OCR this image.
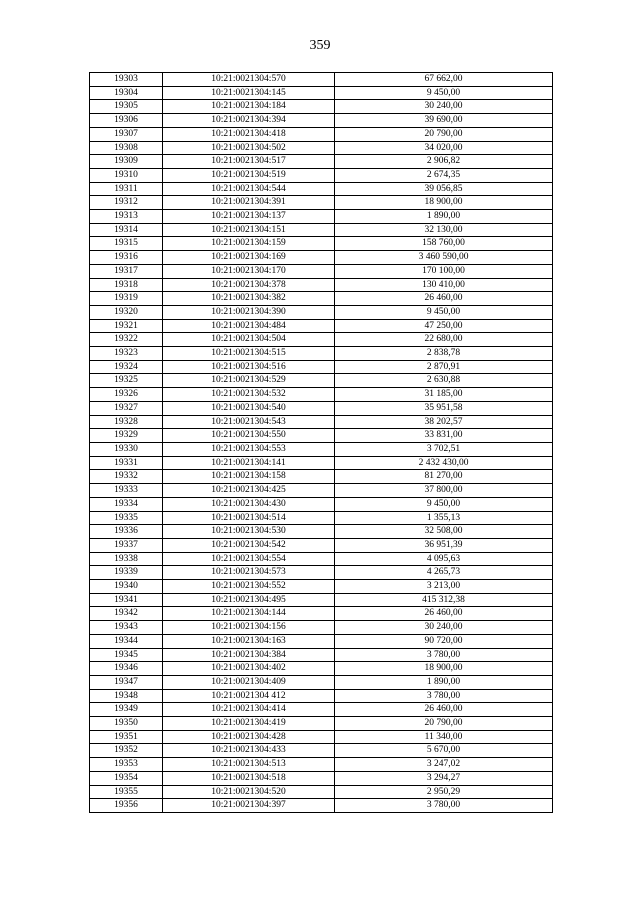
359
19303	10:21:0021304:570	67 662,00
19304	10:21:0021304:145	9 450,00
19305	10:21:0021304:184	30 240,00
19306	10:21:0021304:394	39 690,00
19307	10:21:0021304:418	20 790,00
19308	10:21:0021304:502	34 020,00
19309	10:21:0021304:517	2 906,82
19310	10:21:0021304:519	2 674,35
19311	10:21:0021304:544	39 056,85
19312	10:21:0021304:391	18 900,00
19313	10:21:0021304:137	1 890,00
19314	10:21:0021304:151	32 130,00
19315	10:21:0021304:159	158 760,00
19316	10:21:0021304:169	3 460 590,00
19317	10:21:0021304:170	170 100,00
19318	10:21:0021304:378	130 410,00
19319	10:21:0021304:382	26 460,00
19320	10:21:0021304:390	9 450,00
19321	10:21:0021304:484	47 250,00
19322	10:21:0021304:504	22 680,00
19323	10:21:0021304:515	2 838,78
19324	10:21:0021304:516	2 870,91
19325	10:21:0021304:529	2 630,88
19326	10:21:0021304:532	31 185,00
19327	10:21:0021304:540	35 951,58
19328	10:21:0021304:543	38 202,57
19329	10:21:0021304:550	33 831,00
19330	10:21:0021304:553	3 702,51
19331	10:21:0021304:141	2 432 430,00
19332	10:21:0021304:158	81 270,00
19333	10:21:0021304:425	37 800,00
19334	10:21:0021304:430	9 450,00
19335	10:21:0021304:514	1 355,13
19336	10:21:0021304:530	32 508,00
19337	10:21:0021304:542	36 951,39
19338	10:21:0021304:554	4 095,63
19339	10:21:0021304:573	4 265,73
19340	10:21:0021304:552	3 213,00
19341	10:21:0021304:495	415 312,38
19342	10:21:0021304:144	26 460,00
19343	10:21:0021304:156	30 240,00
19344	10:21:0021304:163	90 720,00
19345	10:21:0021304:384	3 780,00
19346	10:21:0021304:402	18 900,00
19347	10:21:0021304:409	1 890,00
19348	10:21:0021304 412	3 780,00
19349	10:21:0021304:414	26 460,00
19350	10:21:0021304:419	20 790,00
19351	10:21:0021304:428	11 340,00
19352	10:21:0021304:433	5 670,00
19353	10:21:0021304:513	3 247,02
19354	10:21:0021304:518	3 294,27
19355	10:21:0021304:520	2 950,29
19356	10:21:0021304:397	3 780,00
